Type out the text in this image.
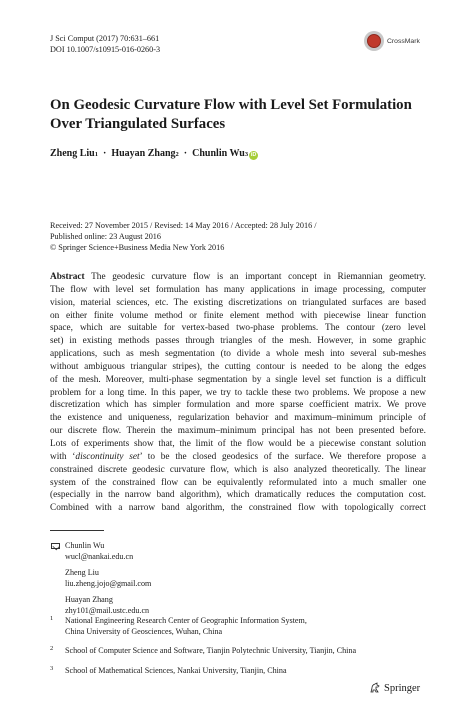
J Sci Comput (2017) 70:631–661
DOI 10.1007/s10915-016-0260-3
CrossMark
On Geodesic Curvature Flow with Level Set Formulation
Over Triangulated Surfaces
Zheng Liu 1 · Huayan Zhang 2 · Chunlin Wu 3 iD
Received: 27 November 2015 / Revised: 14 May 2016 / Accepted: 28 July 2016 /
Published online: 23 August 2016
© Springer Science+Business Media New York 2016
Abstract The geodesic curvature flow is an important concept in Riemannian geometry.
The flow with level set formulation has many applications in image processing, computer
vision, material sciences, etc. The existing discretizations on triangulated surfaces are based
on either finite volume method or finite element method with piecewise linear function
space, which are suitable for vertex-based two-phase problems. The contour (zero level
set) in existing methods passes through triangles of the mesh. However, in some graphic
applications, such as mesh segmentation (to divide a whole mesh into several sub-meshes
without ambiguous triangular stripes), the cutting contour is needed to be along the edges
of the mesh. Moreover, multi-phase segmentation by a single level set function is a difficult
problem for a long time. In this paper, we try to tackle these two problems. We propose a new
discretization which has simpler formulation and more sparse coefficient matrix. We prove
the existence and uniqueness, regularization behavior and maximum–minimum principle of
our discrete flow. Therein the maximum–minimum principal has not been presented before.
Lots of experiments show that, the limit of the flow would be a piecewise constant solution
with ‘discontinuity set’ to be the closed geodesics of the surface. We therefore propose a
constrained discrete geodesic curvature flow, which is also analyzed theoretically. The linear
system of the constrained flow can be equivalently reformulated into a much smaller one
(especially in the narrow band algorithm), which dramatically reduces the computation cost.
Combined with a narrow band algorithm, the constrained flow with topologically correct
Chunlin Wu
wucl@nankai.edu.cn
Zheng Liu
liu.zheng.jojo@gmail.com
Huayan Zhang
zhy101@mail.ustc.edu.cn
1 National Engineering Research Center of Geographic Information System,
China University of Geosciences, Wuhan, China
2 School of Computer Science and Software, Tianjin Polytechnic University, Tianjin, China
3 School of Mathematical Sciences, Nankai University, Tianjin, China
Springer
